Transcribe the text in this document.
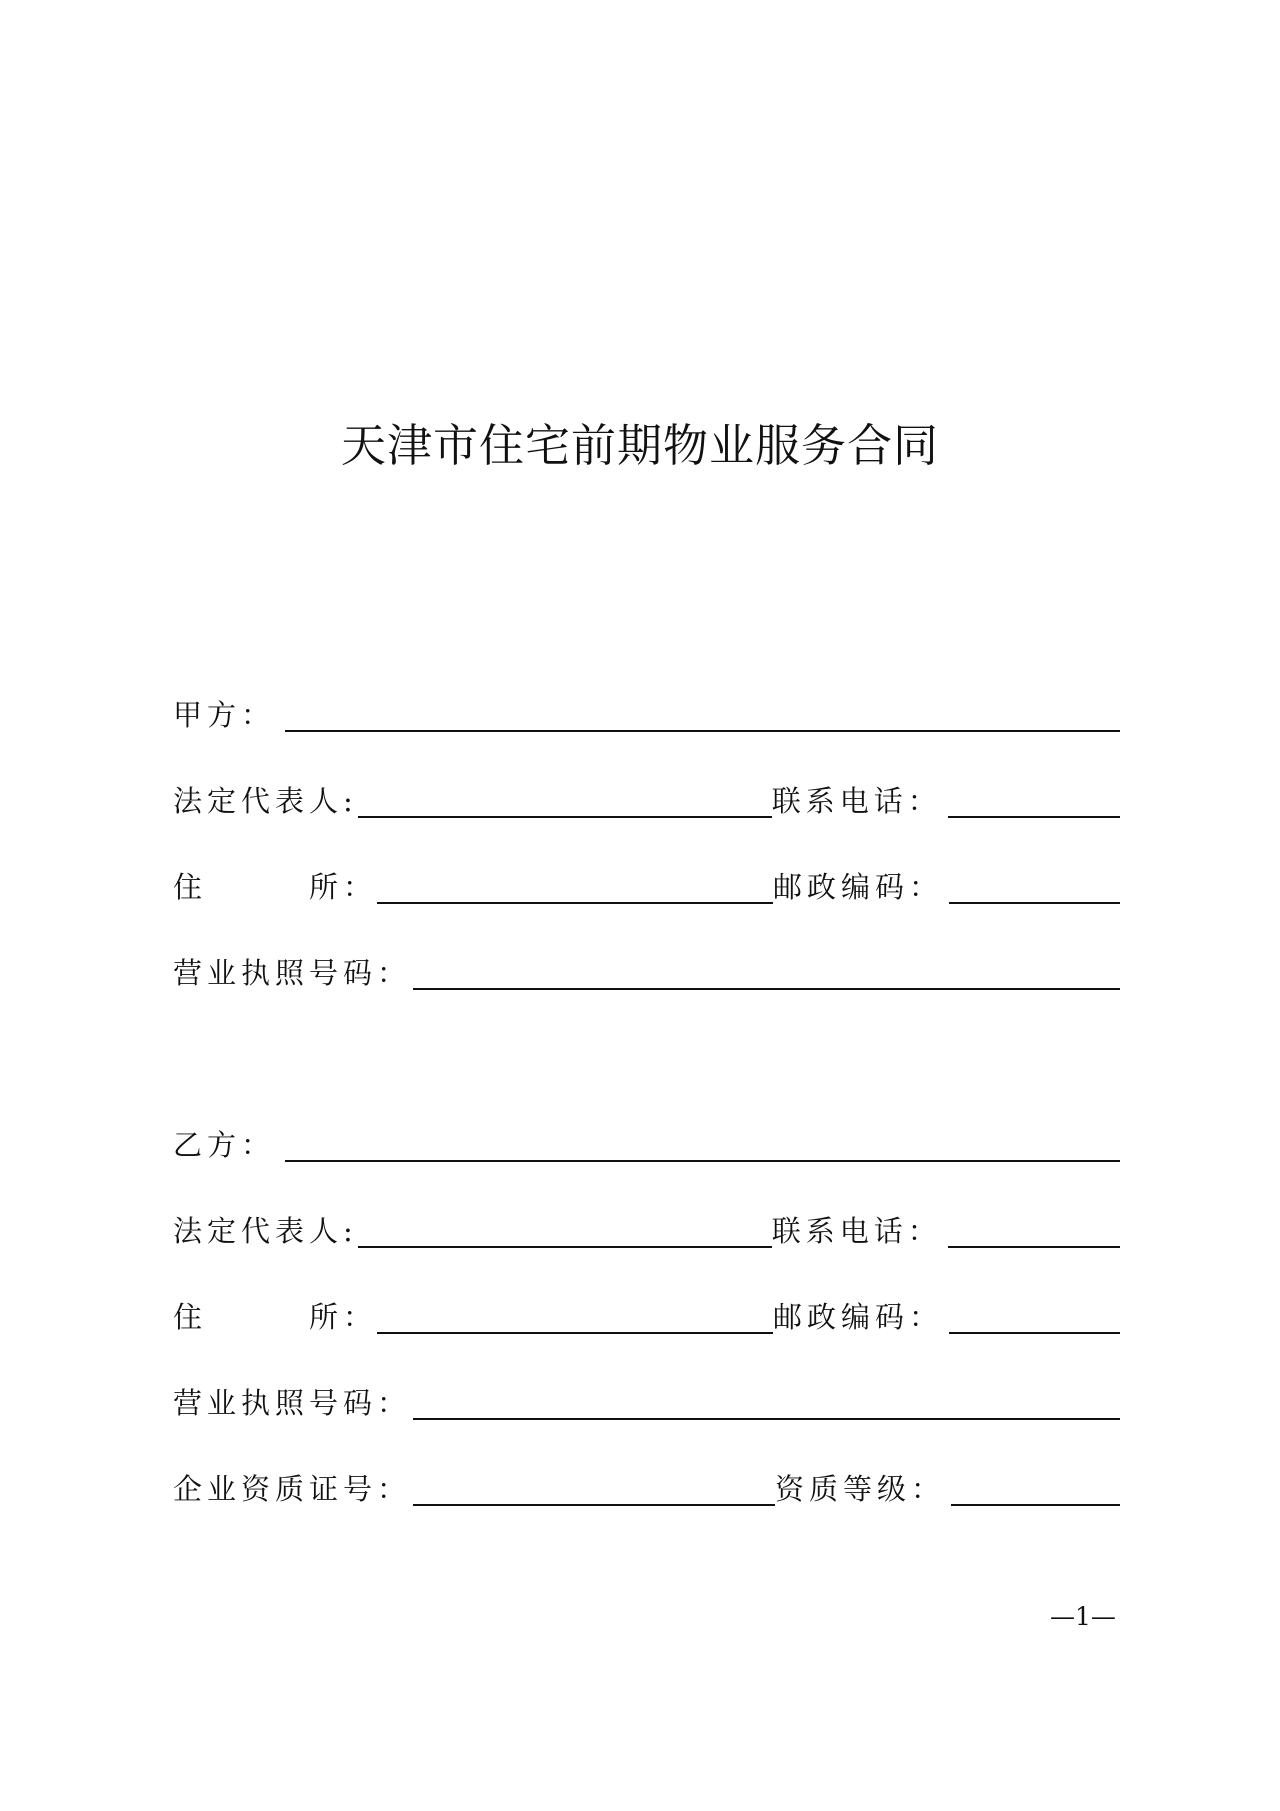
天津市住宅前期物业服务合同
甲方：
法定代表人:	联系电话：
住	所：	邮政编码：
营业执照号码：
乙方：
法定代表人:	联系电话：
住	所：	邮政编码：
营业执照号码：
企业资质证号：	资质等级：
—1—
